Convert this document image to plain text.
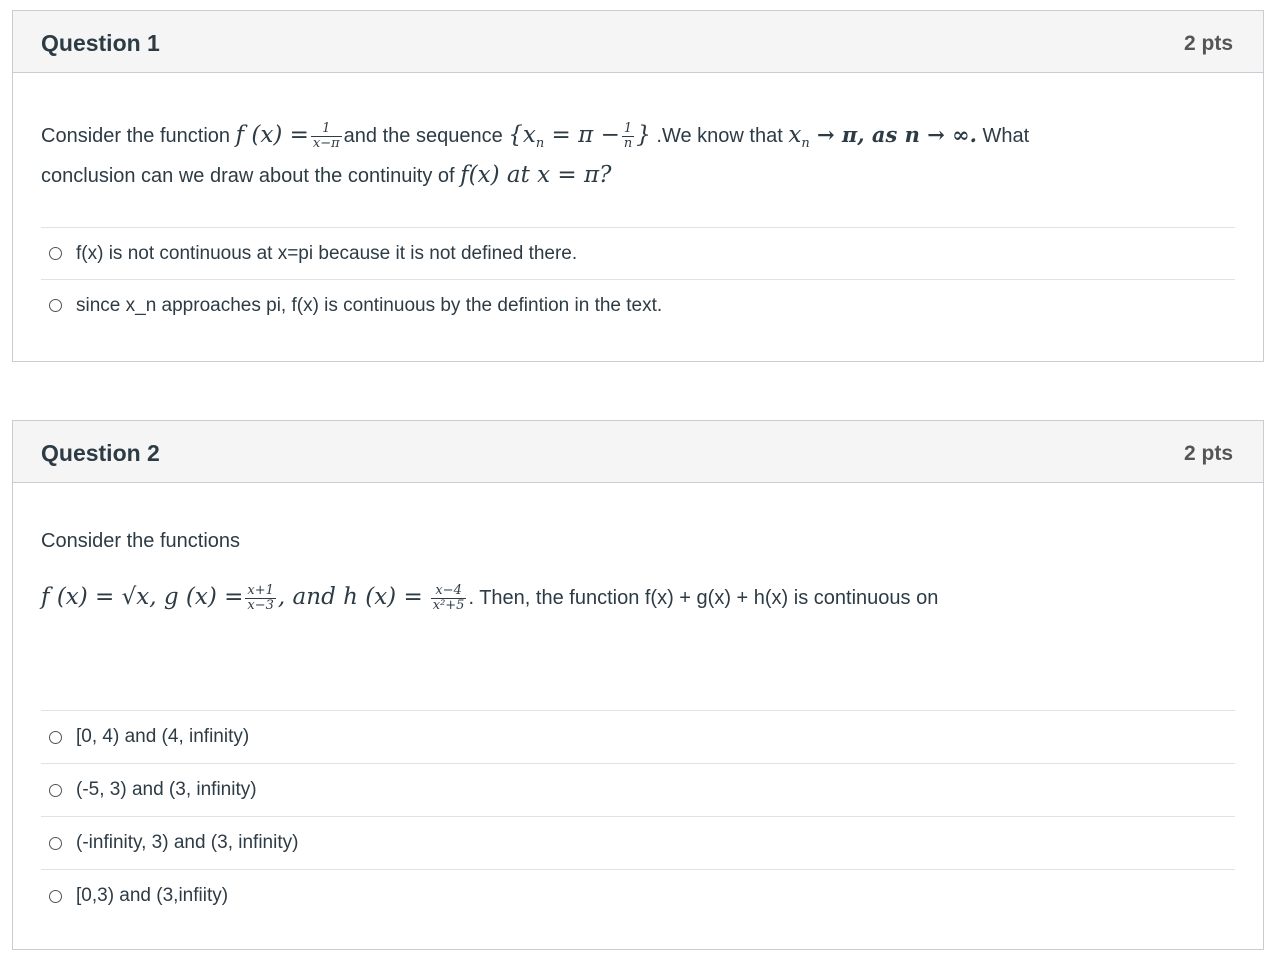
Question 1	2 pts
Consider the function f $(x) = \frac{1}{x-\pi}$ and the sequence {$x_n = \pi - \frac{1}{n}$ } .We know that $x_n \to \pi$, as n → ∞. What
conclusion can we draw about the continuity of f(x) at x = π?
f(x) is not continuous at x=pi because it is not defined there.
since x_n approaches pi, f(x) is continuous by the defintion in the text.
Question 2	2 pts
Consider the functions
f (x) = √x, g $(x) = \frac{x+1}{x-3}$ , and h $(x) = \frac{x-4}{\text{x²+5}}$ . Then, the function f(x) + g(x) + h(x) is continuous on
[0, 4) and (4, infinity)
(-5, 3) and (3, infinity)
(-infinity, 3) and (3, infinity)
[0,3) and (3,infiity)
